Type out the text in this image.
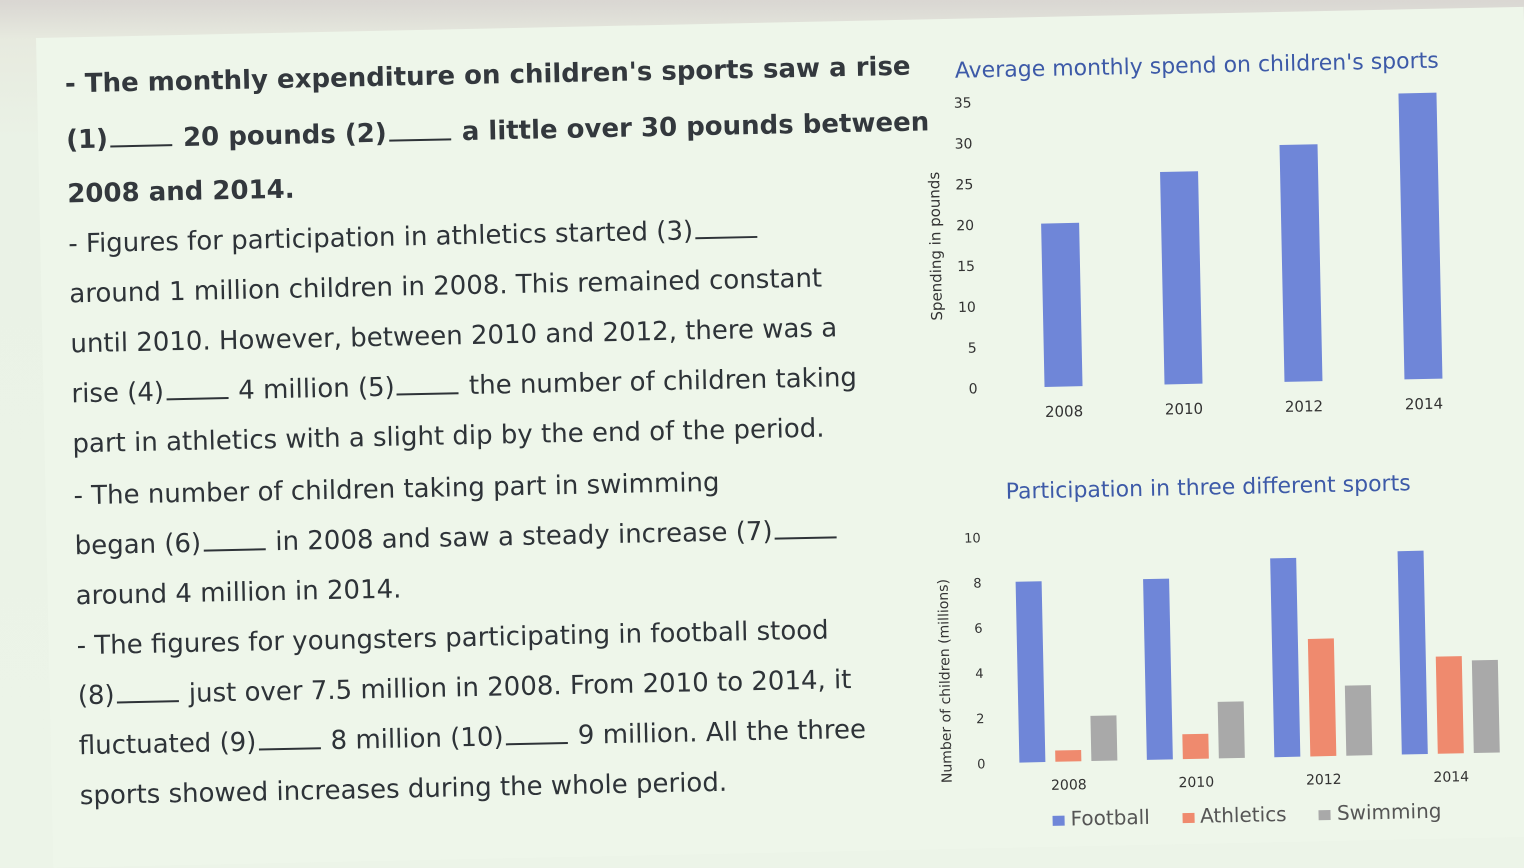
- The monthly expenditure on children's sports saw a rise
(1)	20 pounds (2)	a little over 30 pounds between
2008 and 2014.
- Figures for participation in athletics started (3)
around 1 million children in 2008. This remained constant
until 2010. However, between 2010 and 2012, there was a
rise (4)	4 million (5)	the number of children taking
part in athletics with a slight dip by the end of the period.
- The number of children taking part in swimming
began (6)	in 2008 and saw a steady increase (7)
around 4 million in 2014.
- The figures for youngsters participating in football stood
(8)	just over 7.5 million in 2008. From 2010 to 2014, it
fluctuated (9)	8 million (10)	9 million. All the three
sports showed increases during the whole period.
Average monthly spend on children's sports
Spending in pounds
0
5
10
15
20
25
30
35
2008	2010	2012	2014
Participation in three different sports
Number of children (millions) 0
2
4
6
8
10
2008	2010	2012	2014
Football Athletics Swimming
